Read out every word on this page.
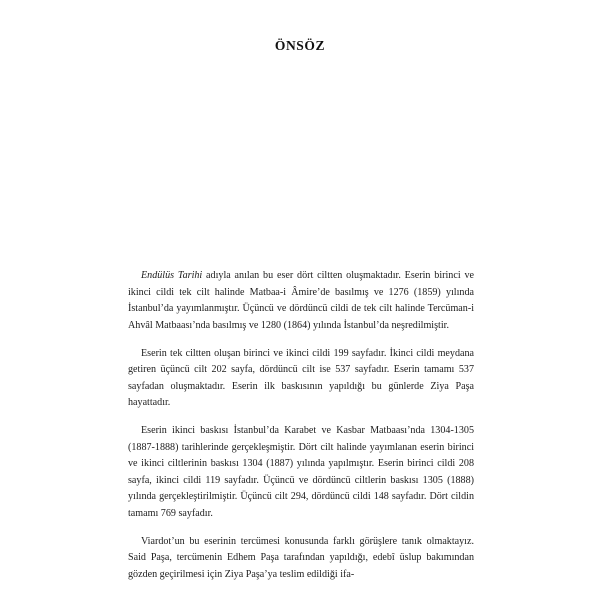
ÖNSÖZ

Endülüs Tarihi adıyla anılan bu eser dört ciltten oluşmaktadır. Eserin birinci ve ikinci cildi tek cilt halinde Matbaa-i Âmire’de basılmış ve 1276 (1859) yılında İstanbul’da yayımlanmıştır. Üçüncü ve dördüncü cildi de tek cilt halinde Tercüman-i Ahvâl Matbaası’nda basılmış ve 1280 (1864) yılında İstanbul’da neşredilmiştir.

Eserin tek ciltten oluşan birinci ve ikinci cildi 199 sayfadır. İkinci cildi meydana getiren üçüncü cilt 202 sayfa, dördüncü cilt ise 537 sayfadır. Eserin tamamı 537 sayfadan oluşmaktadır. Eserin ilk baskısının yapıldığı bu günlerde Ziya Paşa hayattadır.

Eserin ikinci baskısı İstanbul’da Karabet ve Kasbar Matbaası’nda 1304-1305 (1887-1888) tarihlerinde gerçekleşmiştir. Dört cilt halinde yayımlanan eserin birinci ve ikinci ciltlerinin baskısı 1304 (1887) yılında yapılmıştır. Eserin birinci cildi 208 sayfa, ikinci cildi 119 sayfadır. Üçüncü ve dördüncü ciltlerin baskısı 1305 (1888) yılında gerçekleştirilmiştir. Üçüncü cilt 294, dördüncü cildi 148 sayfadır. Dört cildin tamamı 769 sayfadır.

Viardot’un bu eserinin tercümesi konusunda farklı görüşlere tanık olmaktayız. Said Paşa, tercümenin Edhem Paşa tarafından yapıldığı, edebî üslup bakımından gözden geçirilmesi için Ziya Paşa’ya teslim edildiği ifa-
